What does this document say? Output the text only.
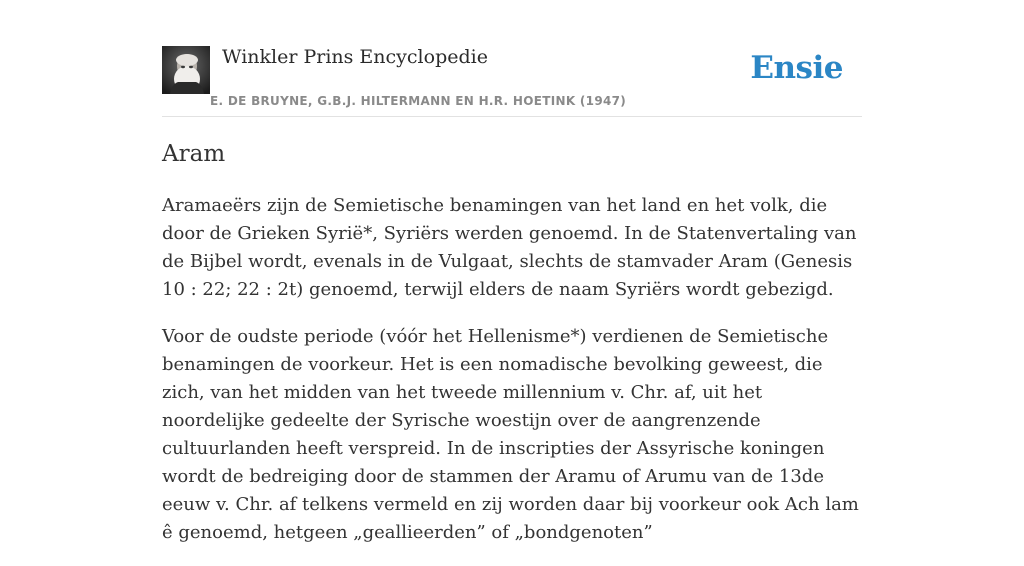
Winkler Prins Encyclopedie
E. DE BRUYNE, G.B.J. HILTERMANN EN H.R. HOETINK (1947)
Ensie
Aram

Aramaeërs zijn de Semietische benamingen van het land en het volk, die door de Grieken Syrië*, Syriërs werden genoemd. In de Statenvertaling van de Bijbel wordt, evenals in de Vulgaat, slechts de stamvader Aram (Genesis 10 : 22; 22 : 2t) genoemd, terwijl elders de naam Syriërs wordt gebezigd.

Voor de oudste periode (vóór het Hellenisme*) verdienen de Semietische benamingen de voorkeur. Het is een nomadische bevolking geweest, die zich, van het midden van het tweede millennium v. Chr. af, uit het noordelijke gedeelte der Syrische woestijn over de aangrenzende cultuurlanden heeft verspreid. In de inscripties der Assyrische koningen wordt de bedreiging door de stammen der Aramu of Arumu van de 13de eeuw v. Chr. af telkens vermeld en zij worden daar bij voorkeur ook Ach lam ê genoemd, hetgeen „geallieerden” of „bondgenoten”
